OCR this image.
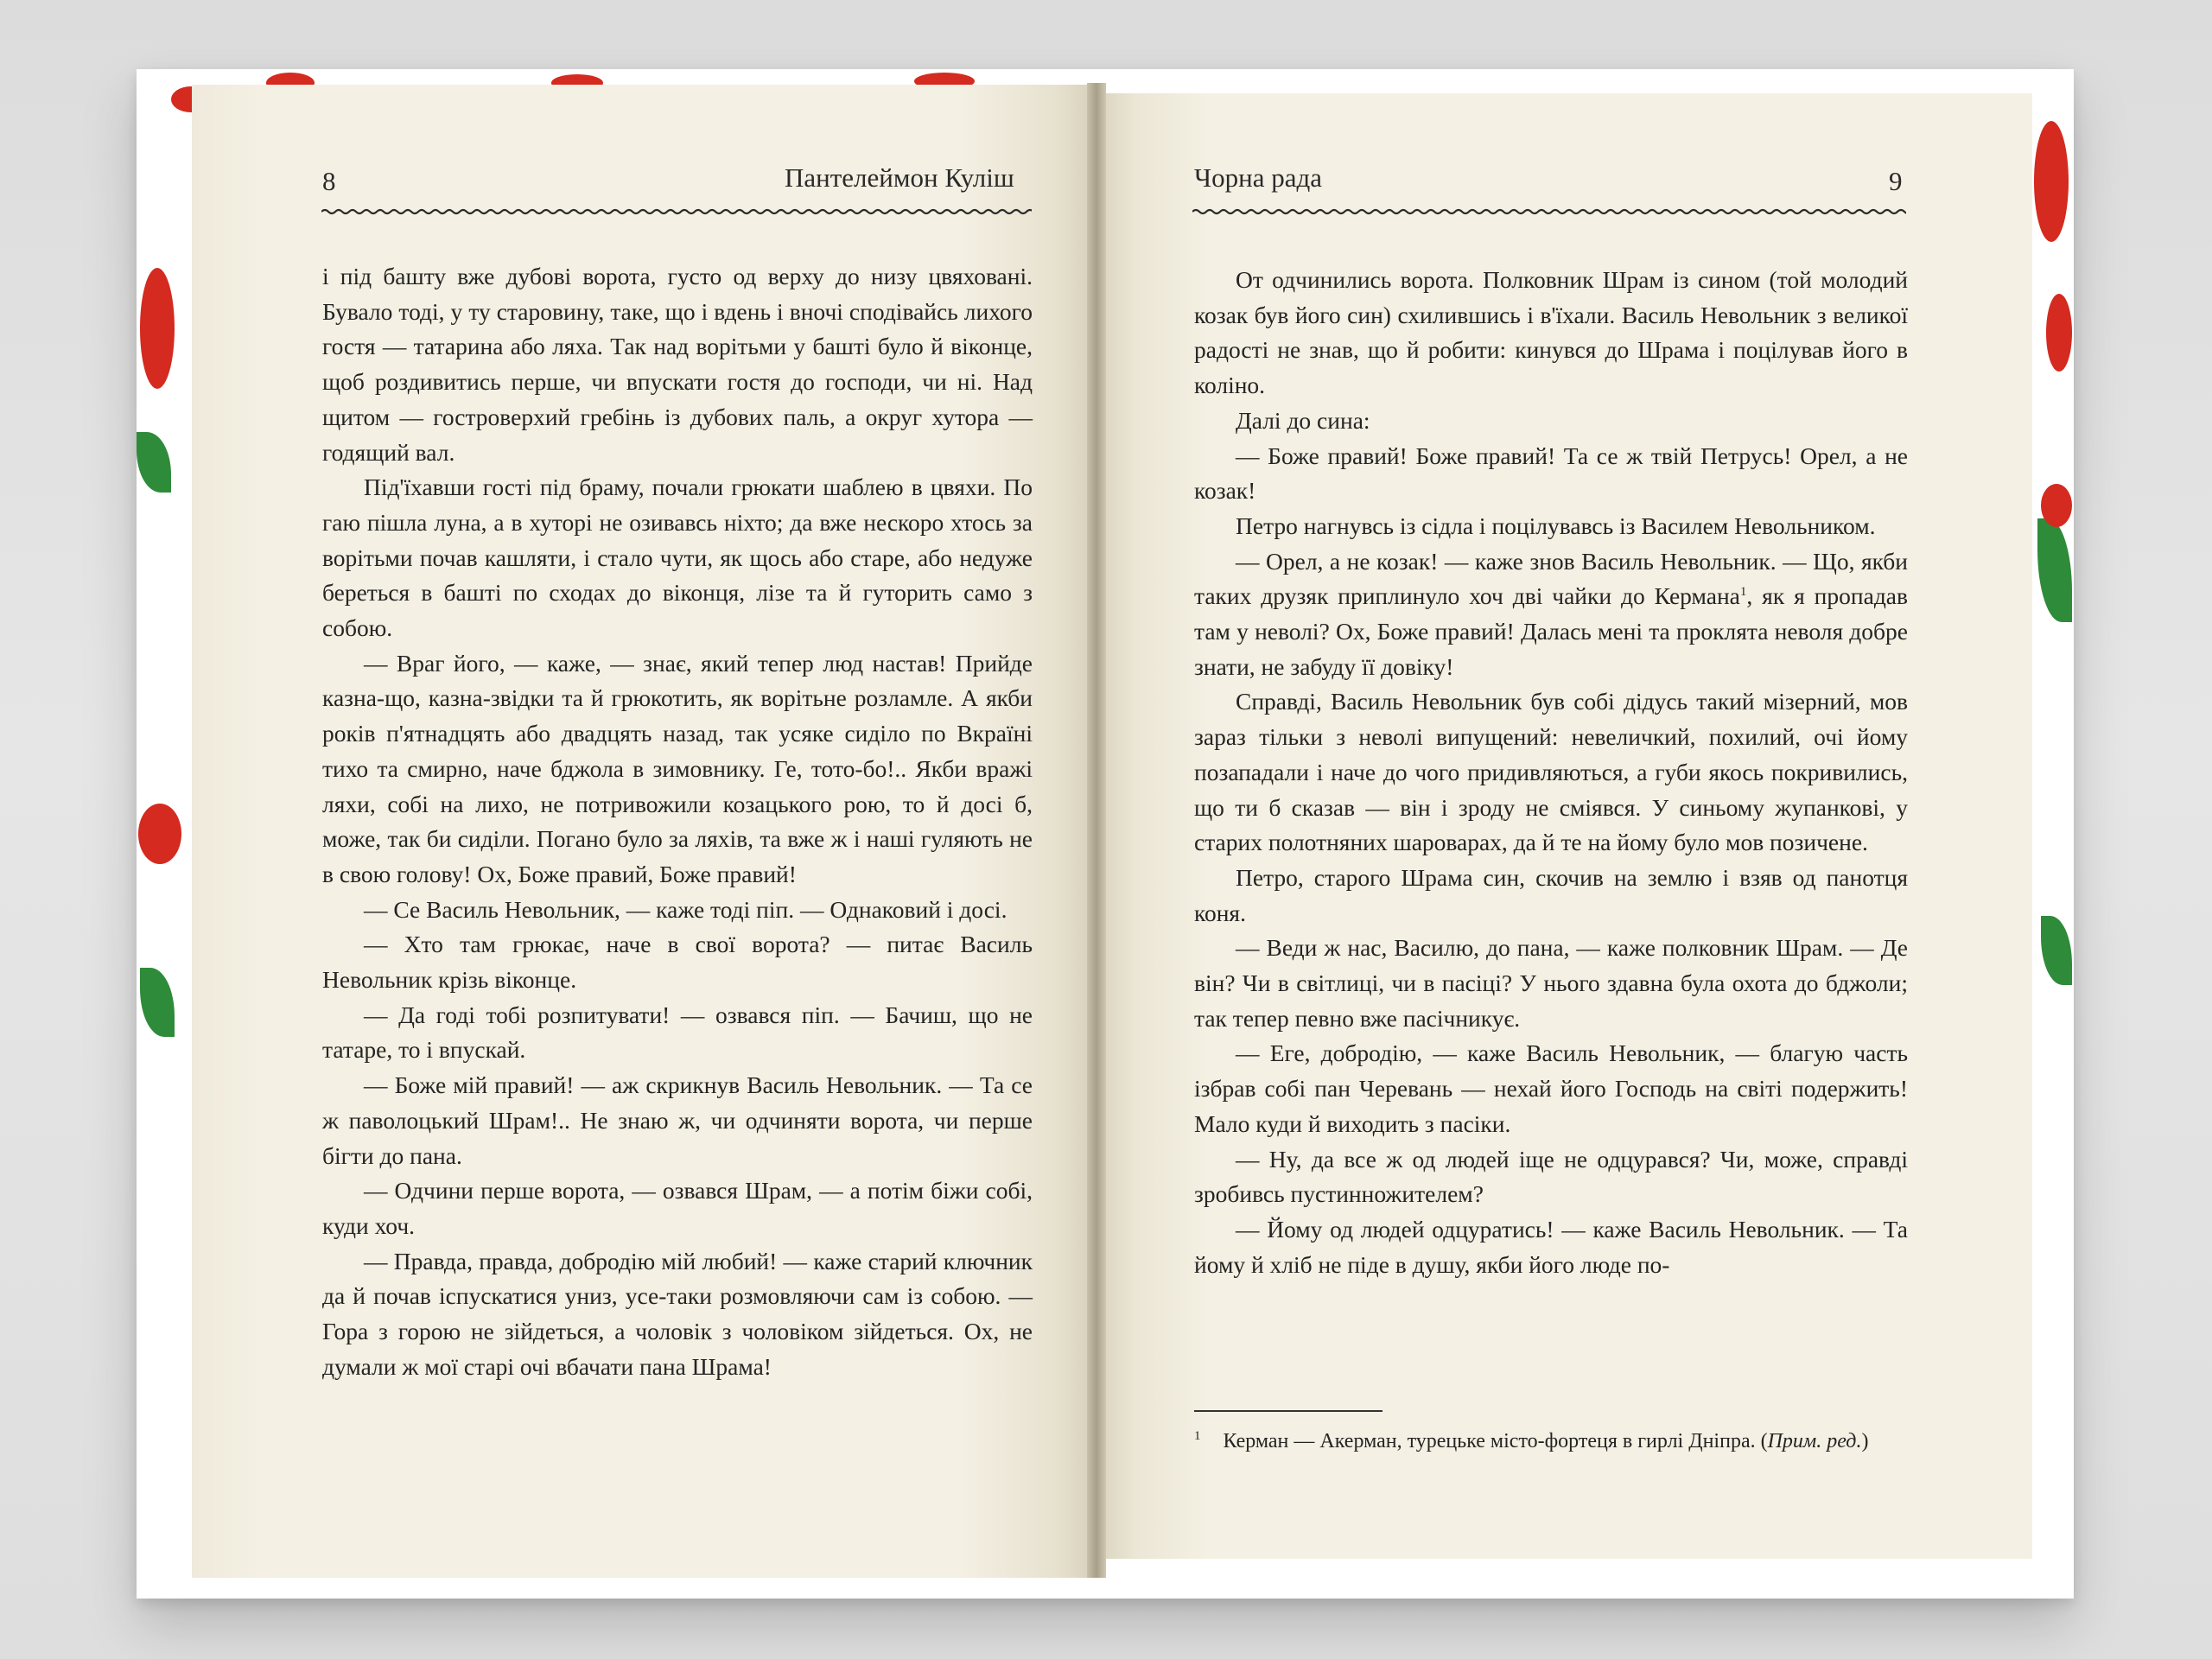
8	Пантелеймон Куліш

і під башту вже дубові ворота, густо од верху до низу цвяховані. Бувало тоді, у ту старовину, таке, що і вдень і вночі сподівайсь лихого гостя — татарина або ляха. Так над ворітьми у башті було й віконце, щоб роздивитись перше, чи впускати гостя до господи, чи ні. Над щитом — гостроверхий гребінь із дубових паль, а округ хутора — годящий вал.

Під'їхавши гості під браму, почали грюкати шаблею в цвяхи. По гаю пішла луна, а в хуторі не озивавсь ніхто; да вже нескоро хтось за ворітьми почав кашляти, і стало чути, як щось або старе, або недуже береться в башті по сходах до віконця, лізе та й гуторить само з собою.

— Враг його, — каже, — знає, який тепер люд настав! Прийде казна-що, казна-звідки та й грюкотить, як ворітьне розламле. А якби років п'ятнадцять або двадцять назад, так усяке сиділо по Вкраїні тихо та смирно, наче бджола в зимовнику. Ге, тото-бо!.. Якби вражі ляхи, собі на лихо, не потривожили козацького рою, то й досі б, може, так би сиділи. Погано було за ляхів, та вже ж і наші гуляють не в свою голову! Ох, Боже правий, Боже правий!

— Се Василь Невольник, — каже тоді піп. — Однаковий і досі.

— Хто там грюкає, наче в свої ворота? — питає Василь Невольник крізь віконце.

— Да годі тобі розпитувати! — озвався піп. — Бачиш, що не татаре, то і впускай.

— Боже мій правий! — аж скрикнув Василь Невольник. — Та се ж паволоцький Шрам!.. Не знаю ж, чи одчиняти ворота, чи перше бігти до пана.

— Одчини перше ворота, — озвався Шрам, — а потім біжи собі, куди хоч.

— Правда, правда, добродію мій любий! — каже старий ключник да й почав іспускатися униз, усе-таки розмовляючи сам із собою. — Гора з горою не зійдеться, а чоловік з чоловіком зійдеться. Ох, не думали ж мої старі очі вбачати пана Шрама!

Чорна рада	9

От одчинились ворота. Полковник Шрам із сином (той молодий козак був його син) схилившись і в'їхали. Василь Невольник з великої радості не знав, що й робити: кинувся до Шрама і поцілував його в коліно.

Далі до сина:

— Боже правий! Боже правий! Та се ж твій Петрусь! Орел, а не козак!

Петро нагнувсь із сідла і поцілувавсь із Василем Невольником.

— Орел, а не козак! — каже знов Василь Невольник. — Що, якби таких друзяк приплинуло хоч дві чайки до Кермана$^1$, як я пропадав там у неволі? Ох, Боже правий! Далась мені та проклята неволя добре знати, не забуду її довіку!

Справді, Василь Невольник був собі дідусь такий мізерний, мов зараз тільки з неволі випущений: невеличкий, похилий, очі йому позападали і наче до чого придивляються, а губи якось покривились, що ти б сказав — він і зроду не сміявся. У синьому жупанкові, у старих полотняних шароварах, да й те на йому було мов позичене.

Петро, старого Шрама син, скочив на землю і взяв од панотця коня.

— Веди ж нас, Василю, до пана, — каже полковник Шрам. — Де він? Чи в світлиці, чи в пасіці? У нього здавна була охота до бджоли; так тепер певно вже пасічникує.

— Еге, добродію, — каже Василь Невольник, — благую часть ізбрав собі пан Черевань — нехай його Господь на світі подержить! Мало куди й виходить з пасіки.

— Ну, да все ж од людей іще не одцурався? Чи, може, справді зробивсь пустинножителем?

— Йому од людей одцуратись! — каже Василь Невольник. — Та йому й хліб не піде в душу, якби його люде по-

$^1$ Керман — Акерман, турецьке місто-фортеця в гирлі Дніпра. (Прим. ред.)
